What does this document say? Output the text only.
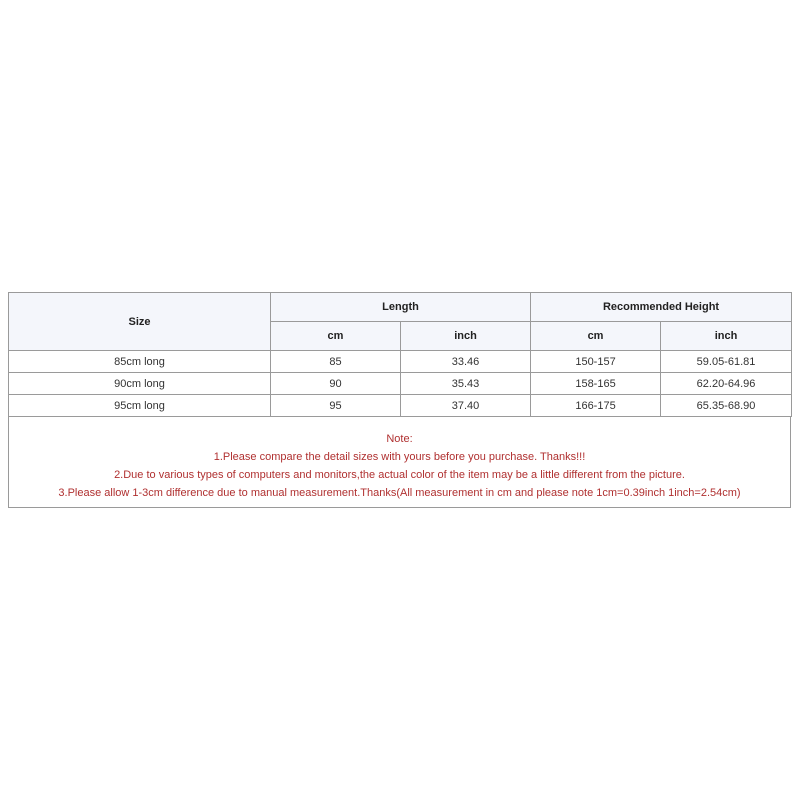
Size	Length		Recommended Height	
	cm	inch	cm	inch
85cm long	85	33.46	150-157	59.05-61.81
90cm long	90	35.43	158-165	62.20-64.96
95cm long	95	37.40	166-175	65.35-68.90
Note:
1.Please compare the detail sizes with yours before you purchase. Thanks!!!
2.Due to various types of computers and monitors,the actual color of the item may be a little different from the picture.
3.Please allow 1-3cm difference due to manual measurement.Thanks(All measurement in cm and please note 1cm=0.39inch 1inch=2.54cm)
